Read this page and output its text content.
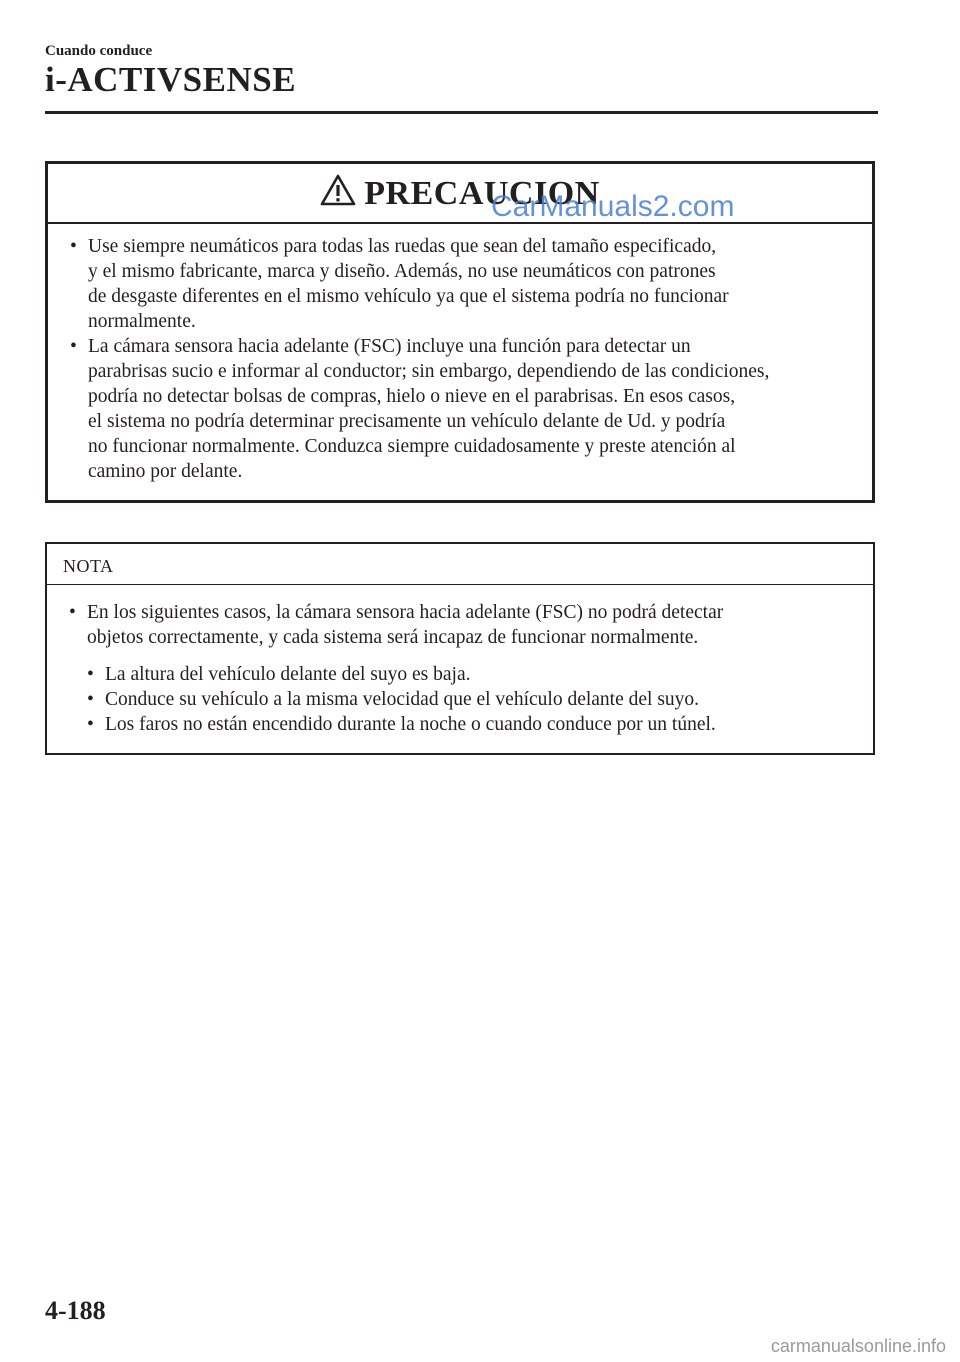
Cuando conduce
i-ACTIVSENSE
PRECAUCION
CarManuals2.com
• Use siempre neumáticos para todas las ruedas que sean del tamaño especificado,
y el mismo fabricante, marca y diseño. Además, no use neumáticos con patrones
de desgaste diferentes en el mismo vehículo ya que el sistema podría no funcionar
normalmente.
• La cámara sensora hacia adelante (FSC) incluye una función para detectar un
parabrisas sucio e informar al conductor; sin embargo, dependiendo de las condiciones,
podría no detectar bolsas de compras, hielo o nieve en el parabrisas. En esos casos,
el sistema no podría determinar precisamente un vehículo delante de Ud. y podría
no funcionar normalmente. Conduzca siempre cuidadosamente y preste atención al
camino por delante.
NOTA
• En los siguientes casos, la cámara sensora hacia adelante (FSC) no podrá detectar
objetos correctamente, y cada sistema será incapaz de funcionar normalmente.
• La altura del vehículo delante del suyo es baja.
• Conduce su vehículo a la misma velocidad que el vehículo delante del suyo.
• Los faros no están encendido durante la noche o cuando conduce por un túnel.
4-188
carmanualsonline.info
